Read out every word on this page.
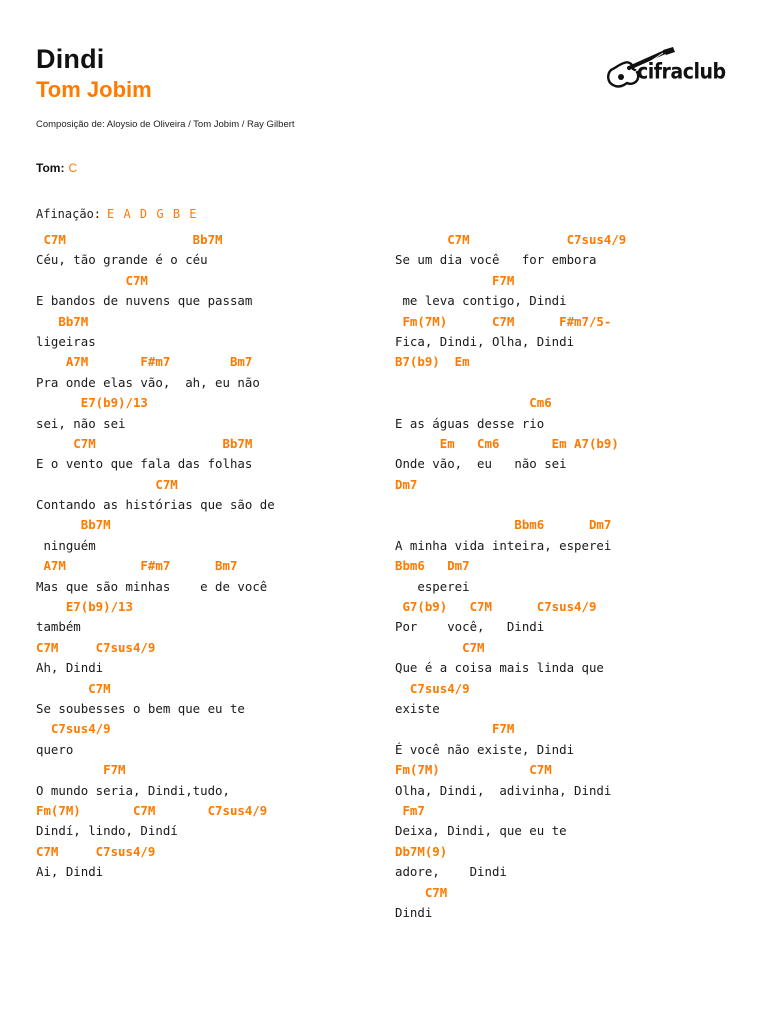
Dindi
Tom Jobim
Composição de: Aloysio de Oliveira / Tom Jobim / Ray Gilbert
cifraclub
Tom: C
Afinação: E A D G B E
C7M                 Bb7M
Céu, tão grande é o céu
C7M
E bandos de nuvens que passam
Bb7M
ligeiras
A7M       F#m7        Bm7
Pra onde elas vão,  ah, eu não
E7(b9)/13
sei, não sei
C7M                 Bb7M
E o vento que fala das folhas
C7M
Contando as histórias que são de
Bb7M
ninguém
A7M          F#m7      Bm7
Mas que são minhas    e de você
E7(b9)/13
também
C7M     C7sus4/9
Ah, Dindi
C7M
Se soubesses o bem que eu te
C7sus4/9
quero
F7M
O mundo seria, Dindi,tudo,
Fm(7M)       C7M       C7sus4/9
Dindí, lindo, Dindí
C7M     C7sus4/9
Ai, Dindi
C7M             C7sus4/9
Se um dia você   for embora
F7M
me leva contigo, Dindi
Fm(7M)      C7M      F#m7/5-
Fica, Dindi, Olha, Dindi
B7(b9)  Em
Cm6
E as águas desse rio
Em   Cm6       Em A7(b9)
Onde vão,  eu   não sei
Dm7
Bbm6      Dm7
A minha vida inteira, esperei
Bbm6   Dm7
esperei
G7(b9)   C7M      C7sus4/9
Por    você,   Dindi
C7M
Que é a coisa mais linda que
C7sus4/9
existe
F7M
É você não existe, Dindi
Fm(7M)            C7M
Olha, Dindi,  adivinha, Dindi
Fm7
Deixa, Dindi, que eu te
Db7M(9)
adore,    Dindi
C7M
Dindi
